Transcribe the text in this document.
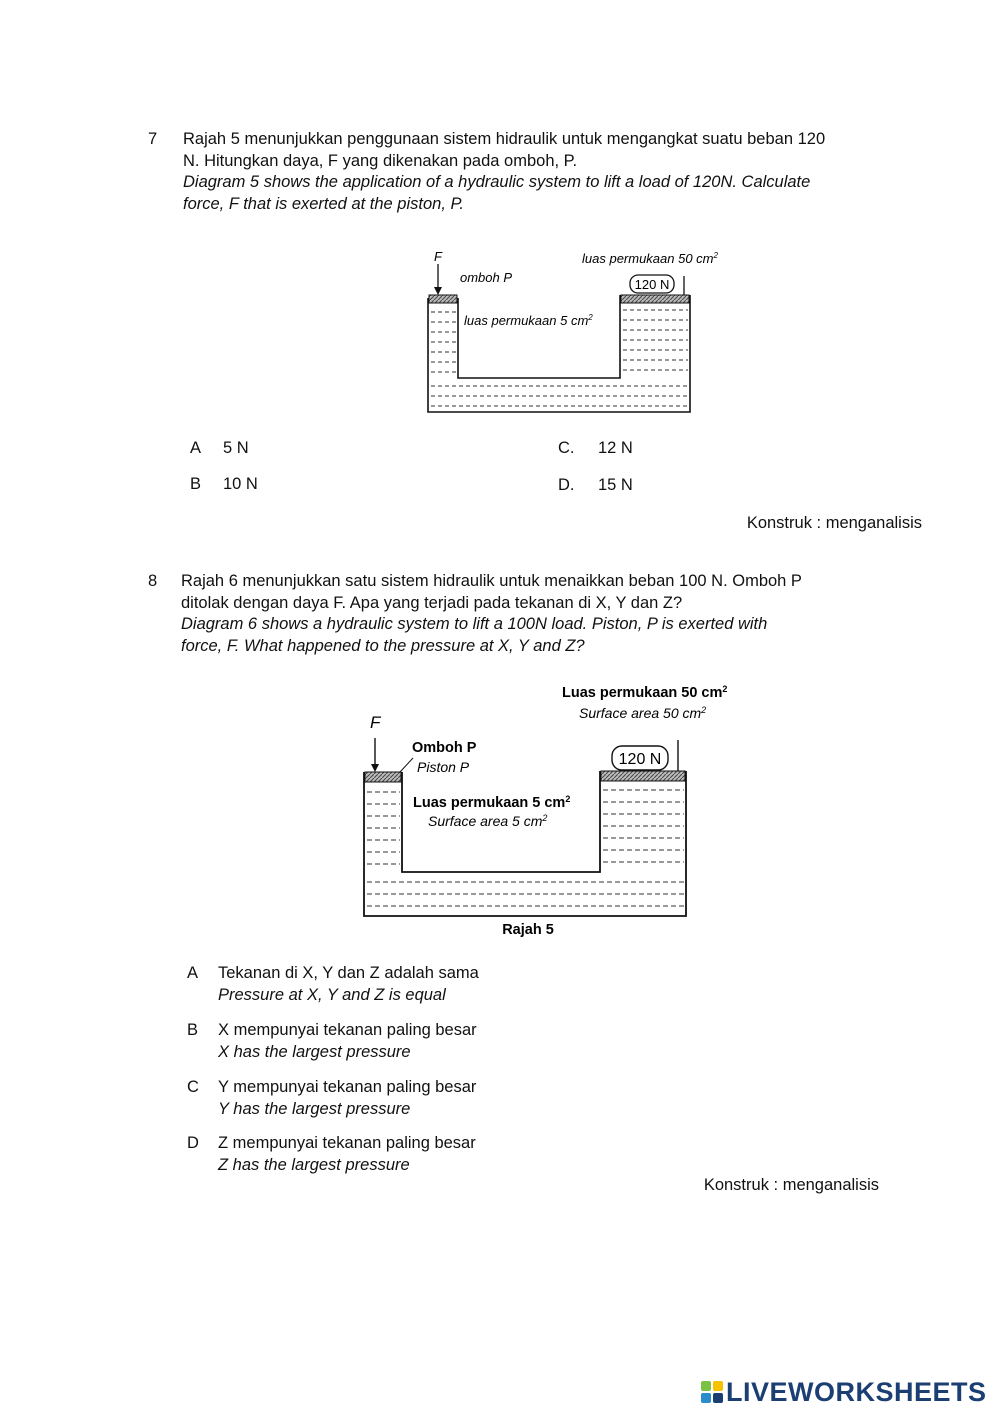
7 Rajah 5 menunjukkan penggunaan sistem hidraulik untuk mengangkat suatu beban 120
N. Hitungkan daya, F yang dikenakan pada omboh, P.
Diagram 5 shows the application of a hydraulic system to lift a load of 120N. Calculate
force, F that is exerted at the piston, P.
F
omboh P
luas permukaan 50 $cm^2$
luas permukaan 5 $cm^2$
120 N
A 5 N
B 10 N
C. 12 N
D. 15 N
Konstruk : menganalisis
8 Rajah 6 menunjukkan satu sistem hidraulik untuk menaikkan beban 100 N. Omboh P
ditolak dengan daya F. Apa yang terjadi pada tekanan di X, Y dan Z?
Diagram 6 shows a hydraulic system to lift a 100N load. Piston, P is exerted with
force, F. What happened to the pressure at X, Y and Z?
Luas permukaan 50 $cm^2$
Surface area 50 $cm^2$
F
Omboh P
Piston P
Luas permukaan 5 $cm^2$
Surface area 5 $cm^2$
120 N
Rajah 5
A Tekanan di X, Y dan Z adalah sama
Pressure at X, Y and Z is equal
B X mempunyai tekanan paling besar
X has the largest pressure
C Y mempunyai tekanan paling besar
Y has the largest pressure
D Z mempunyai tekanan paling besar
Z has the largest pressure
Konstruk : menganalisis
LIVEWORKSHEETS
